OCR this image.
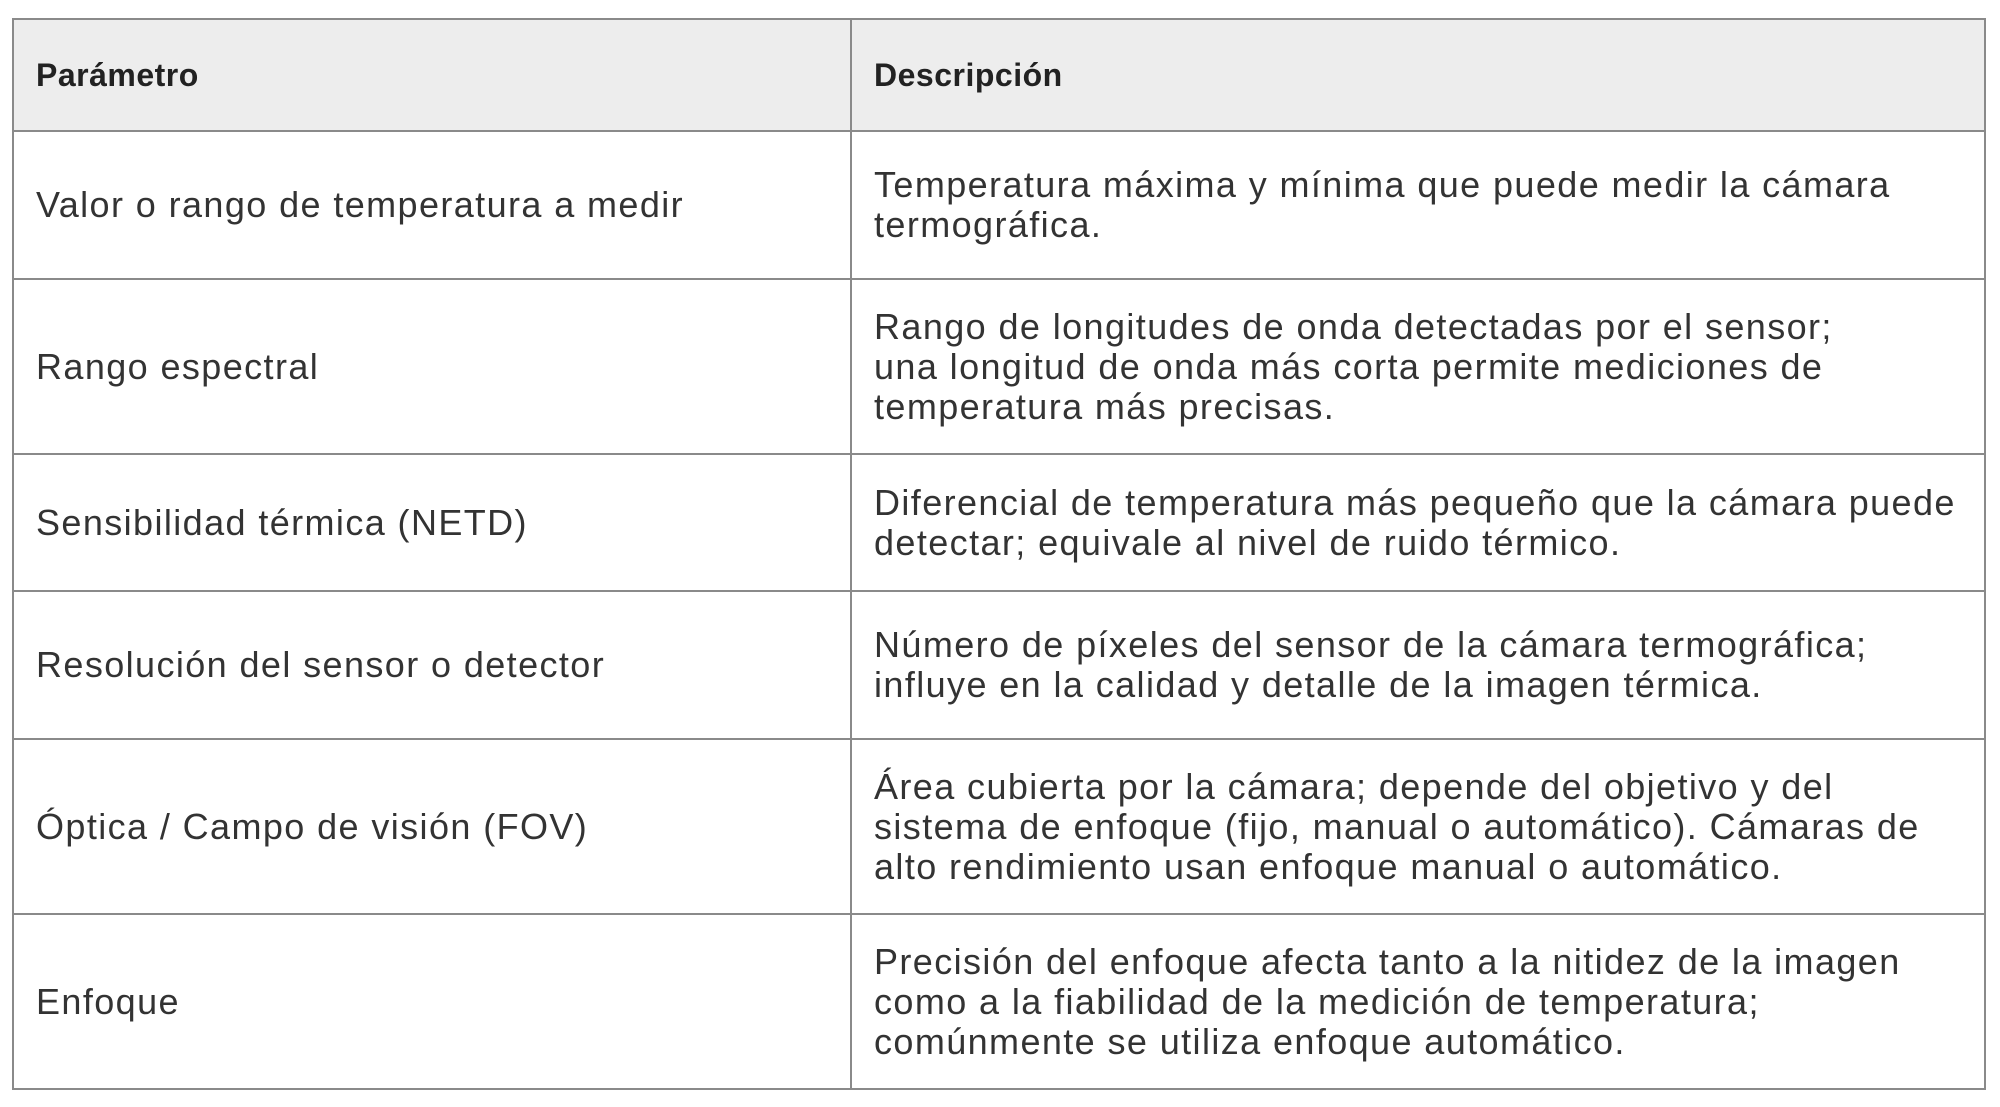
Parámetro	Descripción
Valor o rango de temperatura a medir	Temperatura máxima y mínima que puede medir la cámara
termográfica.

Rango espectral	Rango de longitudes de onda detectadas por el sensor;
una longitud de onda más corta permite mediciones de
temperatura más precisas.

Sensibilidad térmica (NETD)	Diferencial de temperatura más pequeño que la cámara puede
detectar; equivale al nivel de ruido térmico.

Resolución del sensor o detector	Número de píxeles del sensor de la cámara termográfica;
influye en la calidad y detalle de la imagen térmica.

Óptica / Campo de visión (FOV)	Área cubierta por la cámara; depende del objetivo y del
sistema de enfoque (fijo, manual o automático). Cámaras de
alto rendimiento usan enfoque manual o automático.

Enfoque	Precisión del enfoque afecta tanto a la nitidez de la imagen
como a la fiabilidad de la medición de temperatura;
comúnmente se utiliza enfoque automático.
